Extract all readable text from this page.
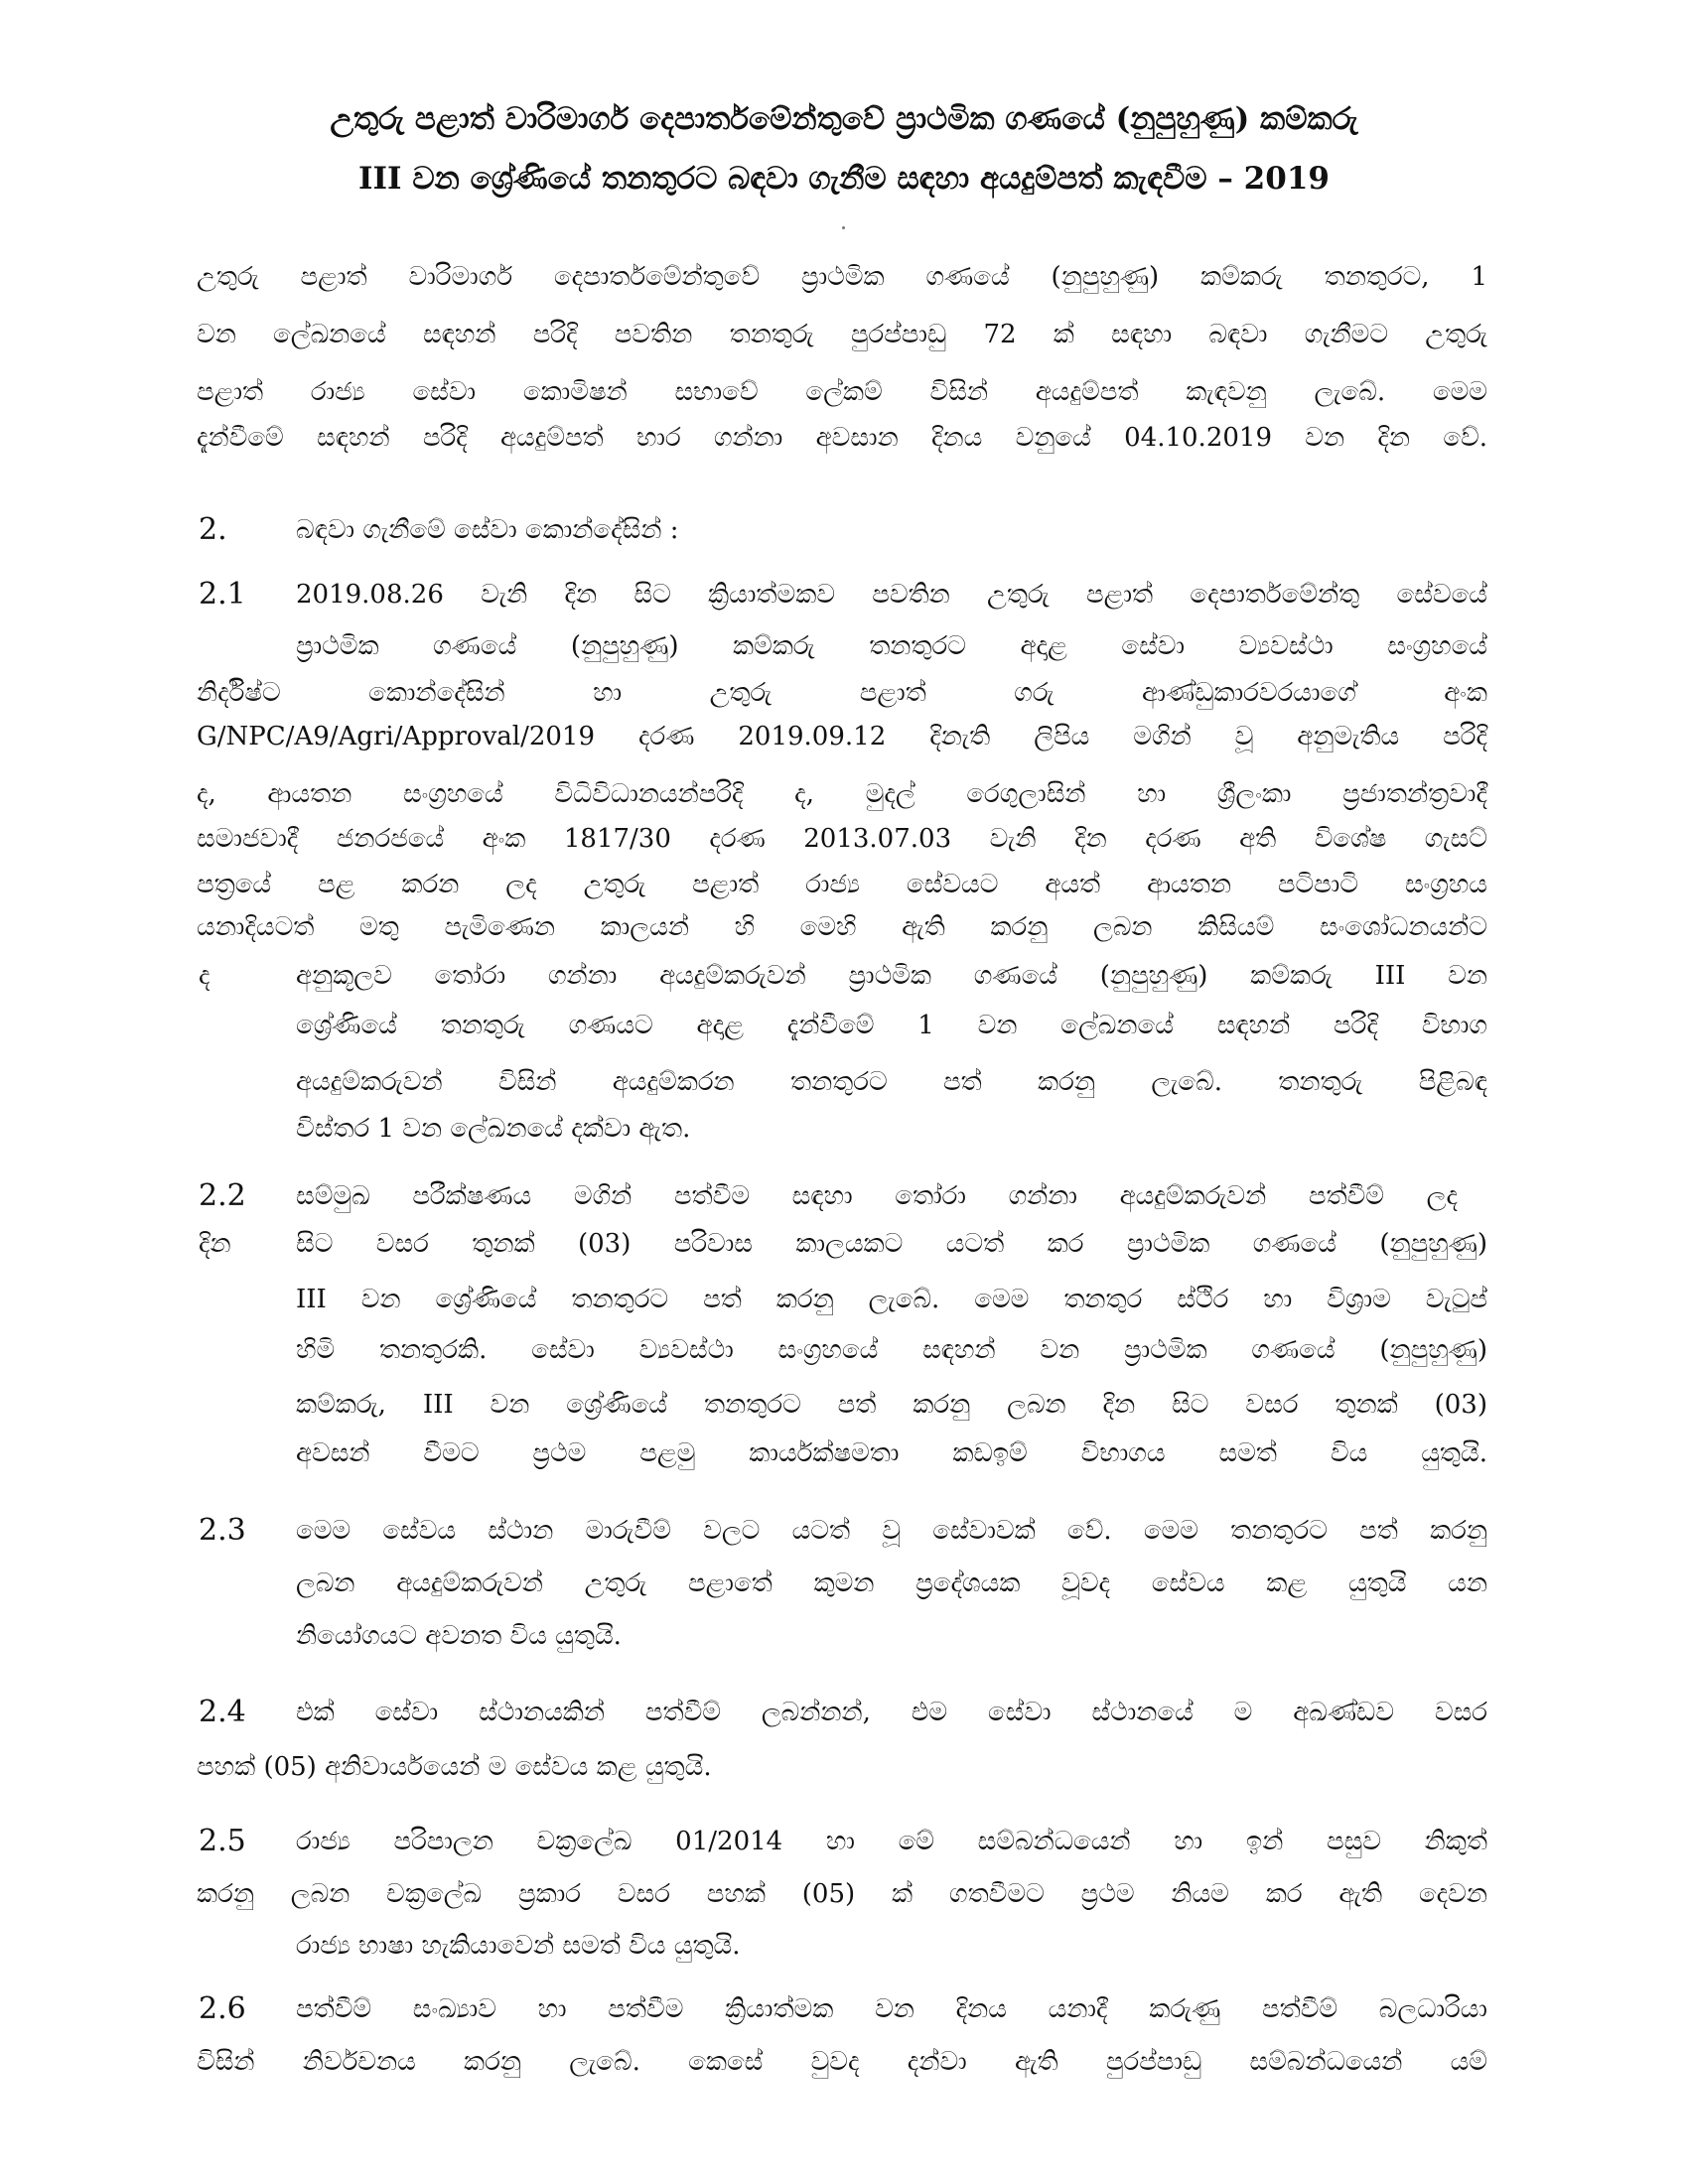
උතුරු පළාත් වාරිමාර්ග දෙපාර්තමේන්තුවේ ප්‍රාථමික ගණයේ (නුපුහුණු) කම්කරු
III වන ශ්‍රේණියේ තනතුරට බඳවා ගැනීම සඳහා අයදුම්පත් කැඳවීම – 2019
උතුරු පළාත් වාරිමාර්ග දෙපාර්තමේන්තුවේ ප්‍රාථමික ගණයේ (නුපුහුණු) කම්කරු තනතුරට, 1
වන ලේඛනයේ සඳහන් පරිදි පවතින තනතුරු පුරප්පාඩු 72 ක් සඳහා බඳවා ගැනීමට උතුරු
පළාත් රාජ්‍ය සේවා කොමිෂන් සභාවේ ලේකම් විසින් අයදුම්පත් කැඳවනු ලැබේ. මෙම
දැන්වීමේ සඳහන් පරිදි අයදුම්පත් භාර ගන්නා අවසාන දිනය වනුයේ 04.10.2019 වන දින වේ.
2.	බඳවා ගැනීමේ සේවා කොන්දේසින් :
2.1 2019.08.26 වැනි දින සිට ක්‍රියාත්මකව පවතින උතුරු පළාත් දෙපාර්තමේන්තු සේවයේ
ප්‍රාථමික ගණයේ (නුපුහුණු) කම්කරු තනතුරට අදාළ සේවා ව්‍යවස්ථා සංග්‍රහයේ
නිර්දිෂ්ට කොන්දේසින් හා උතුරු පළාත් ගරු ආණ්ඩුකාරවරයාගේ අංක
G/NPC/A9/Agri/Approval/2019 දරණ 2019.09.12 දිනැති ලිපිය මගින් වූ අනුමැතිය පරිදි
ද, ආයතන සංග්‍රහයේ විධිවිධානයන්පරිදි ද, මුදල් රෙගුලාසින් හා ශ්‍රීලංකා ප්‍රජාතන්ත්‍රවාදී
සමාජවාදී ජනරජයේ අංක 1817/30 දරණ 2013.07.03 වැනි දින දරණ අති විශේෂ ගැසට්
පත්‍රයේ පළ කරන ලද උතුරු පළාත් රාජ්‍ය සේවයට අයත් ආයතන පටිපාටි සංග්‍රහය
යනාදියටත් මතු පැමිණෙන කාලයන් හි මෙහි ඇති කරනු ලබන කිසියම් සංශෝධනයන්ට
ද	අනුකූලව තෝරා ගන්නා අයදුම්කරුවන් ප්‍රාථමික ගණයේ (නුපුහුණු) කම්කරු III වන
ශ්‍රේණියේ තනතුරු ගණයට අදාළ දැන්වීමේ 1 වන ලේඛනයේ සඳහන් පරිදි විභාග
අයදුම්කරුවන් විසින් අයදුම්කරන තනතුරට පත් කරනු ලැබේ. තනතුරු පිළිබඳ
විස්තර 1 වන ලේඛනයේ දක්වා ඇත.
2.2 සම්මුඛ පරීක්ෂණය මගින් පත්වීම සඳහා තෝරා ගන්නා අයදුම්කරුවන් පත්වීම් ලද
දින	සිට වසර තුනක් (03) පරිවාස කාලයකට යටත් කර ප්‍රාථමික ගණයේ (නුපුහුණු)
III වන ශ්‍රේණියේ තනතුරට පත් කරනු ලැබේ. මෙම තනතුර ස්ථිර හා විශ්‍රාම වැටුප්
හිමි තනතුරකි. සේවා ව්‍යවස්ථා සංග්‍රහයේ සඳහන් වන ප්‍රාථමික ගණයේ (නුපුහුණු)
කම්කරු, III වන ශ්‍රේණියේ තනතුරට පත් කරනු ලබන දින සිට වසර තුනක් (03)
අවසන් වීමට ප්‍රථම පළමු කාර්යක්ෂමතා කඩඉම් විභාගය සමත් විය යුතුයි.
2.3 මෙම සේවය ස්ථාන මාරුවීම් වලට යටත් වූ සේවාවක් වේ. මෙම තනතුරට පත් කරනු
ලබන අයදුම්කරුවන් උතුරු පළාතේ කුමන ප්‍රදේශයක වූවද සේවය කළ යුතුයි යන
නියෝගයට අවනත විය යුතුයි.
2.4 එක් සේවා ස්ථානයකින් පත්වීම් ලබන්නන්, එම සේවා ස්ථානයේ ම අඛණ්ඩව වසර
පහක් (05) අනිවාර්යයෙන් ම සේවය කළ යුතුයි.
2.5 රාජ්‍ය පරිපාලන චක්‍රලේඛ 01/2014 හා මේ සම්බන්ධයෙන් හා ඉන් පසුව නිකුත්
කරනු ලබන චක්‍රලේඛ ප්‍රකාර වසර පහක් (05) ක් ගතවීමට ප්‍රථම නියම කර ඇති දෙවන
රාජ්‍ය භාෂා හැකියාවෙන් සමත් විය යුතුයි.
2.6 පත්වීම් සංඛ්‍යාව හා පත්වීම ක්‍රියාත්මක වන දිනය යනාදී කරුණු පත්වීම් බලධාරියා
විසින් නිර්වචනය කරනු ලැබේ. කෙසේ වුවද දන්වා ඇති පුරප්පාඩු සම්බන්ධයෙන් යම්
